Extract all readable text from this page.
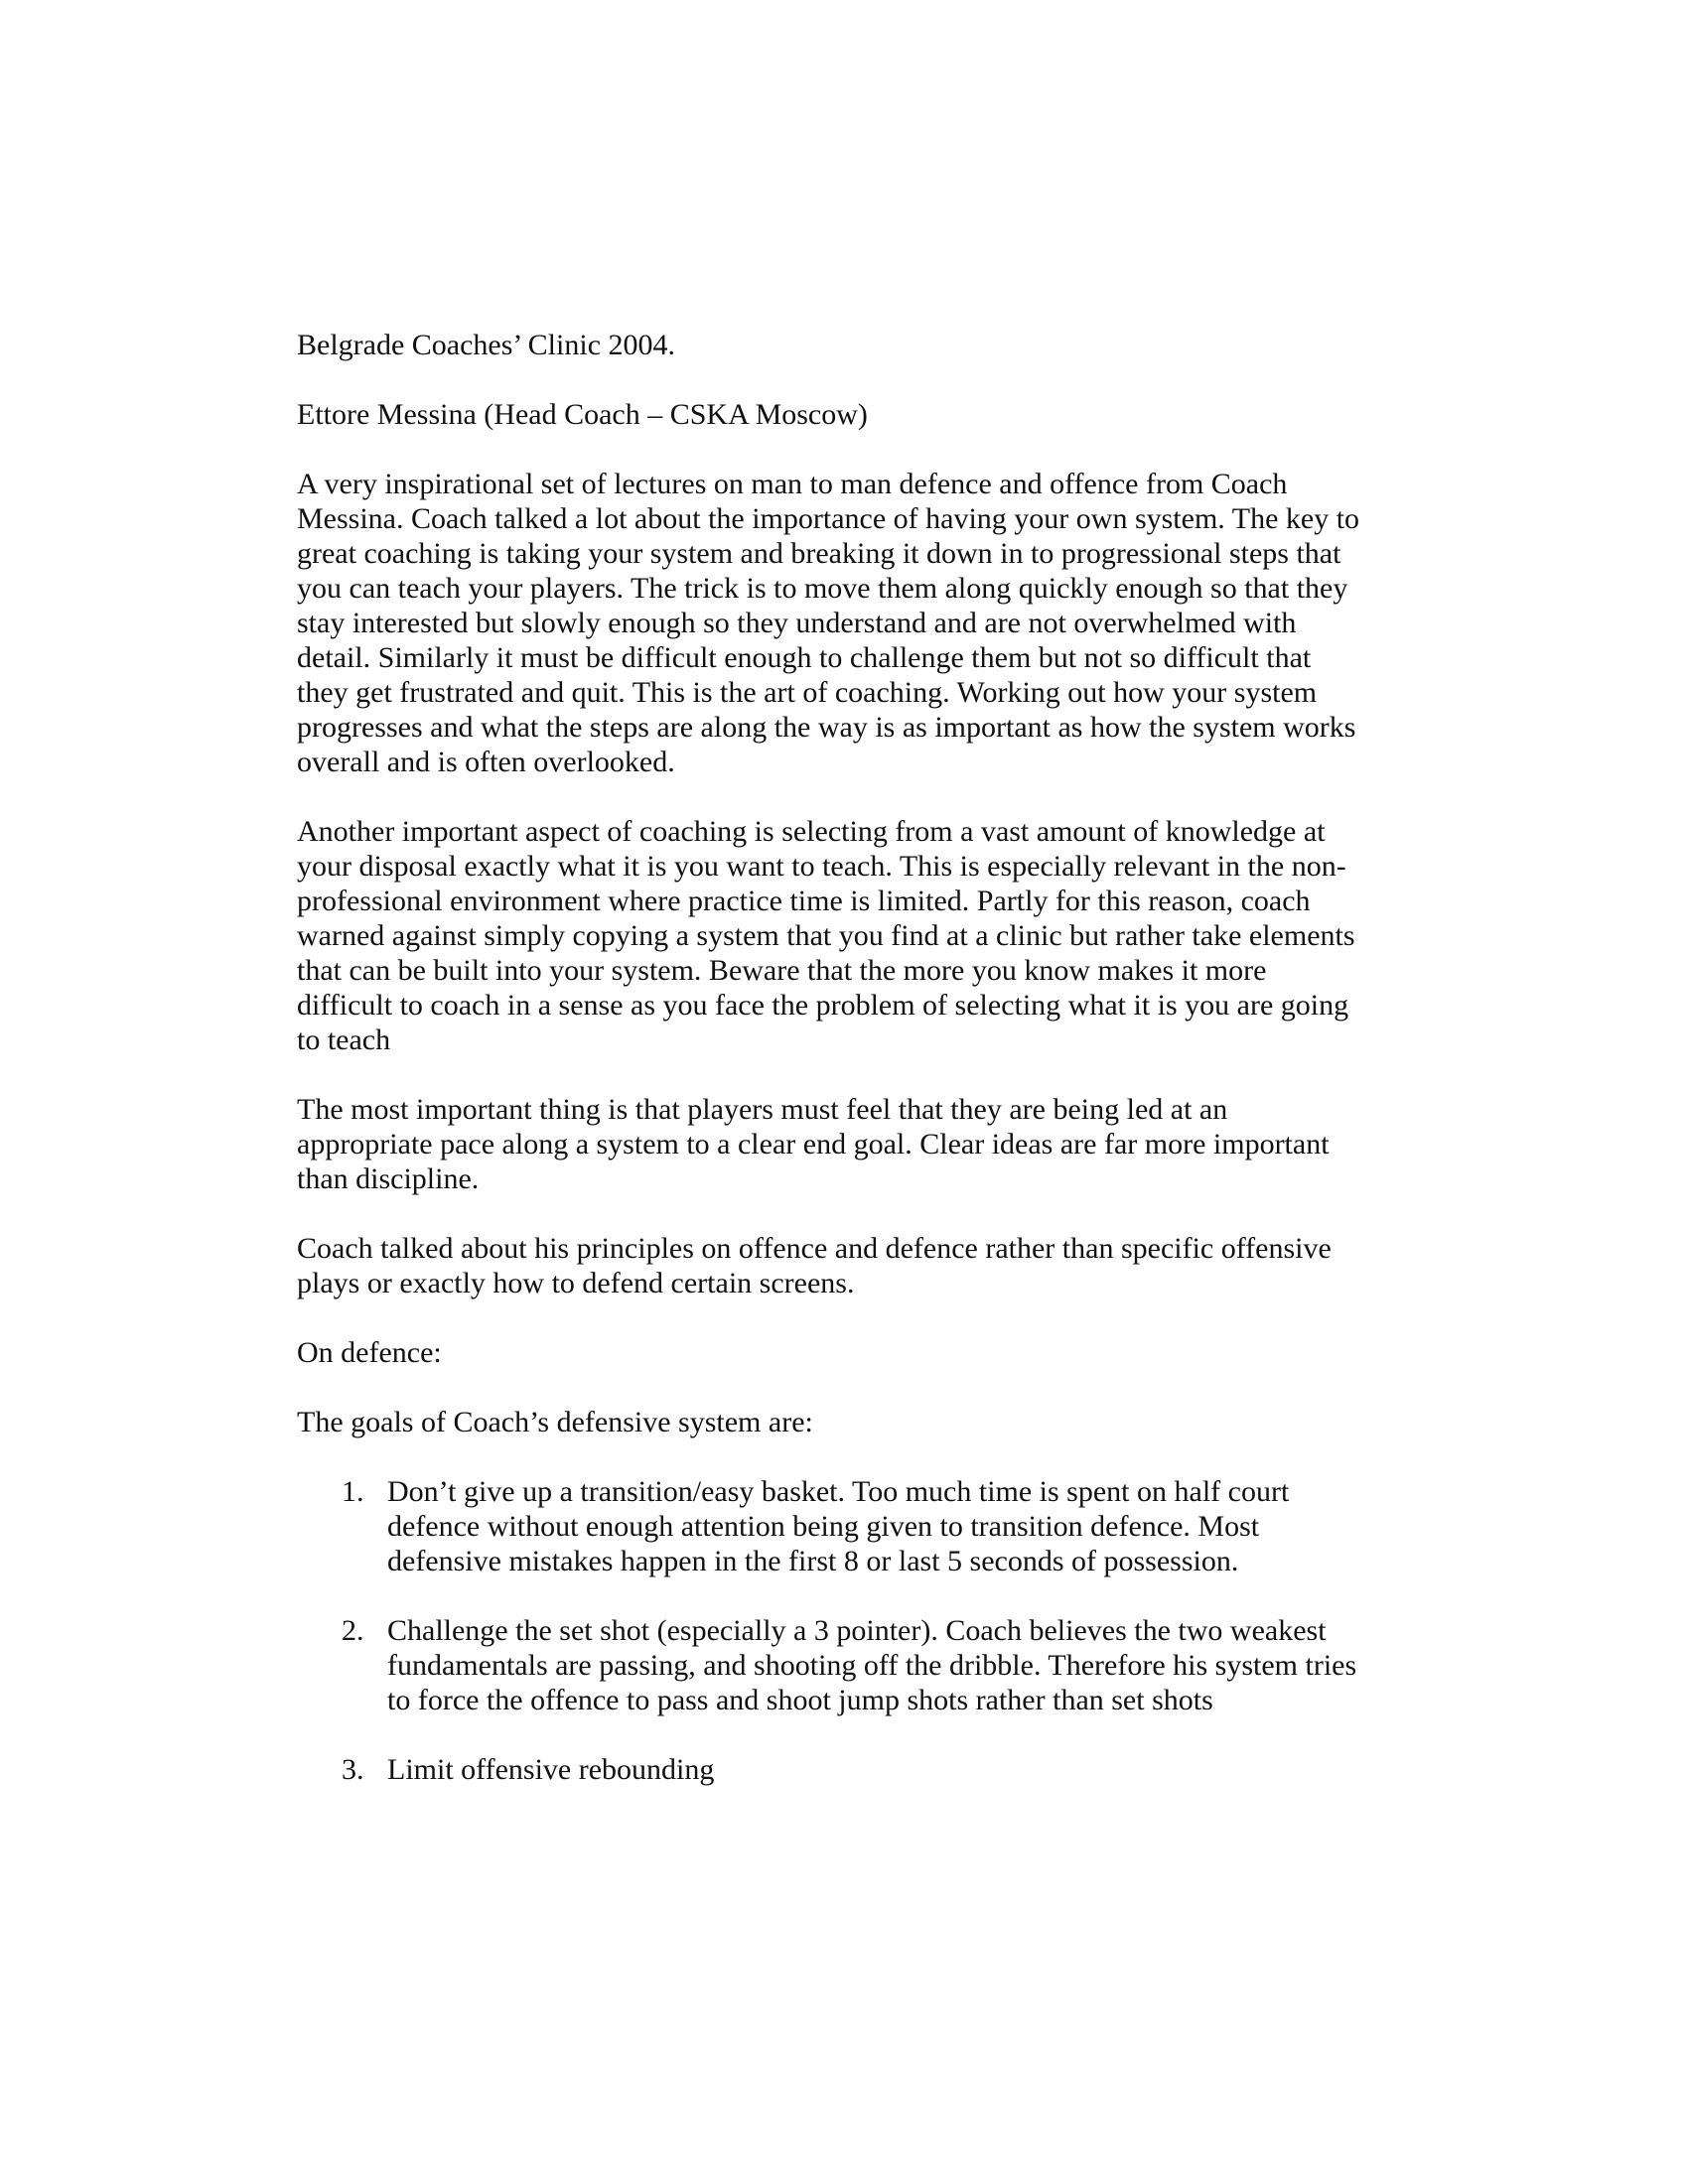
Belgrade Coaches’ Clinic 2004.

Ettore Messina (Head Coach – CSKA Moscow)

A very inspirational set of lectures on man to man defence and offence from Coach
Messina. Coach talked a lot about the importance of having your own system. The key to
great coaching is taking your system and breaking it down in to progressional steps that
you can teach your players. The trick is to move them along quickly enough so that they
stay interested but slowly enough so they understand and are not overwhelmed with
detail. Similarly it must be difficult enough to challenge them but not so difficult that
they get frustrated and quit. This is the art of coaching. Working out how your system
progresses and what the steps are along the way is as important as how the system works
overall and is often overlooked.

Another important aspect of coaching is selecting from a vast amount of knowledge at
your disposal exactly what it is you want to teach. This is especially relevant in the non-
professional environment where practice time is limited. Partly for this reason, coach
warned against simply copying a system that you find at a clinic but rather take elements
that can be built into your system. Beware that the more you know makes it more
difficult to coach in a sense as you face the problem of selecting what it is you are going
to teach

The most important thing is that players must feel that they are being led at an
appropriate pace along a system to a clear end goal. Clear ideas are far more important
than discipline.

Coach talked about his principles on offence and defence rather than specific offensive
plays or exactly how to defend certain screens.

On defence:

The goals of Coach’s defensive system are:

1. Don’t give up a transition/easy basket. Too much time is spent on half court
defence without enough attention being given to transition defence. Most
defensive mistakes happen in the first 8 or last 5 seconds of possession.
2. Challenge the set shot (especially a 3 pointer). Coach believes the two weakest
fundamentals are passing, and shooting off the dribble. Therefore his system tries
to force the offence to pass and shoot jump shots rather than set shots
3. Limit offensive rebounding
